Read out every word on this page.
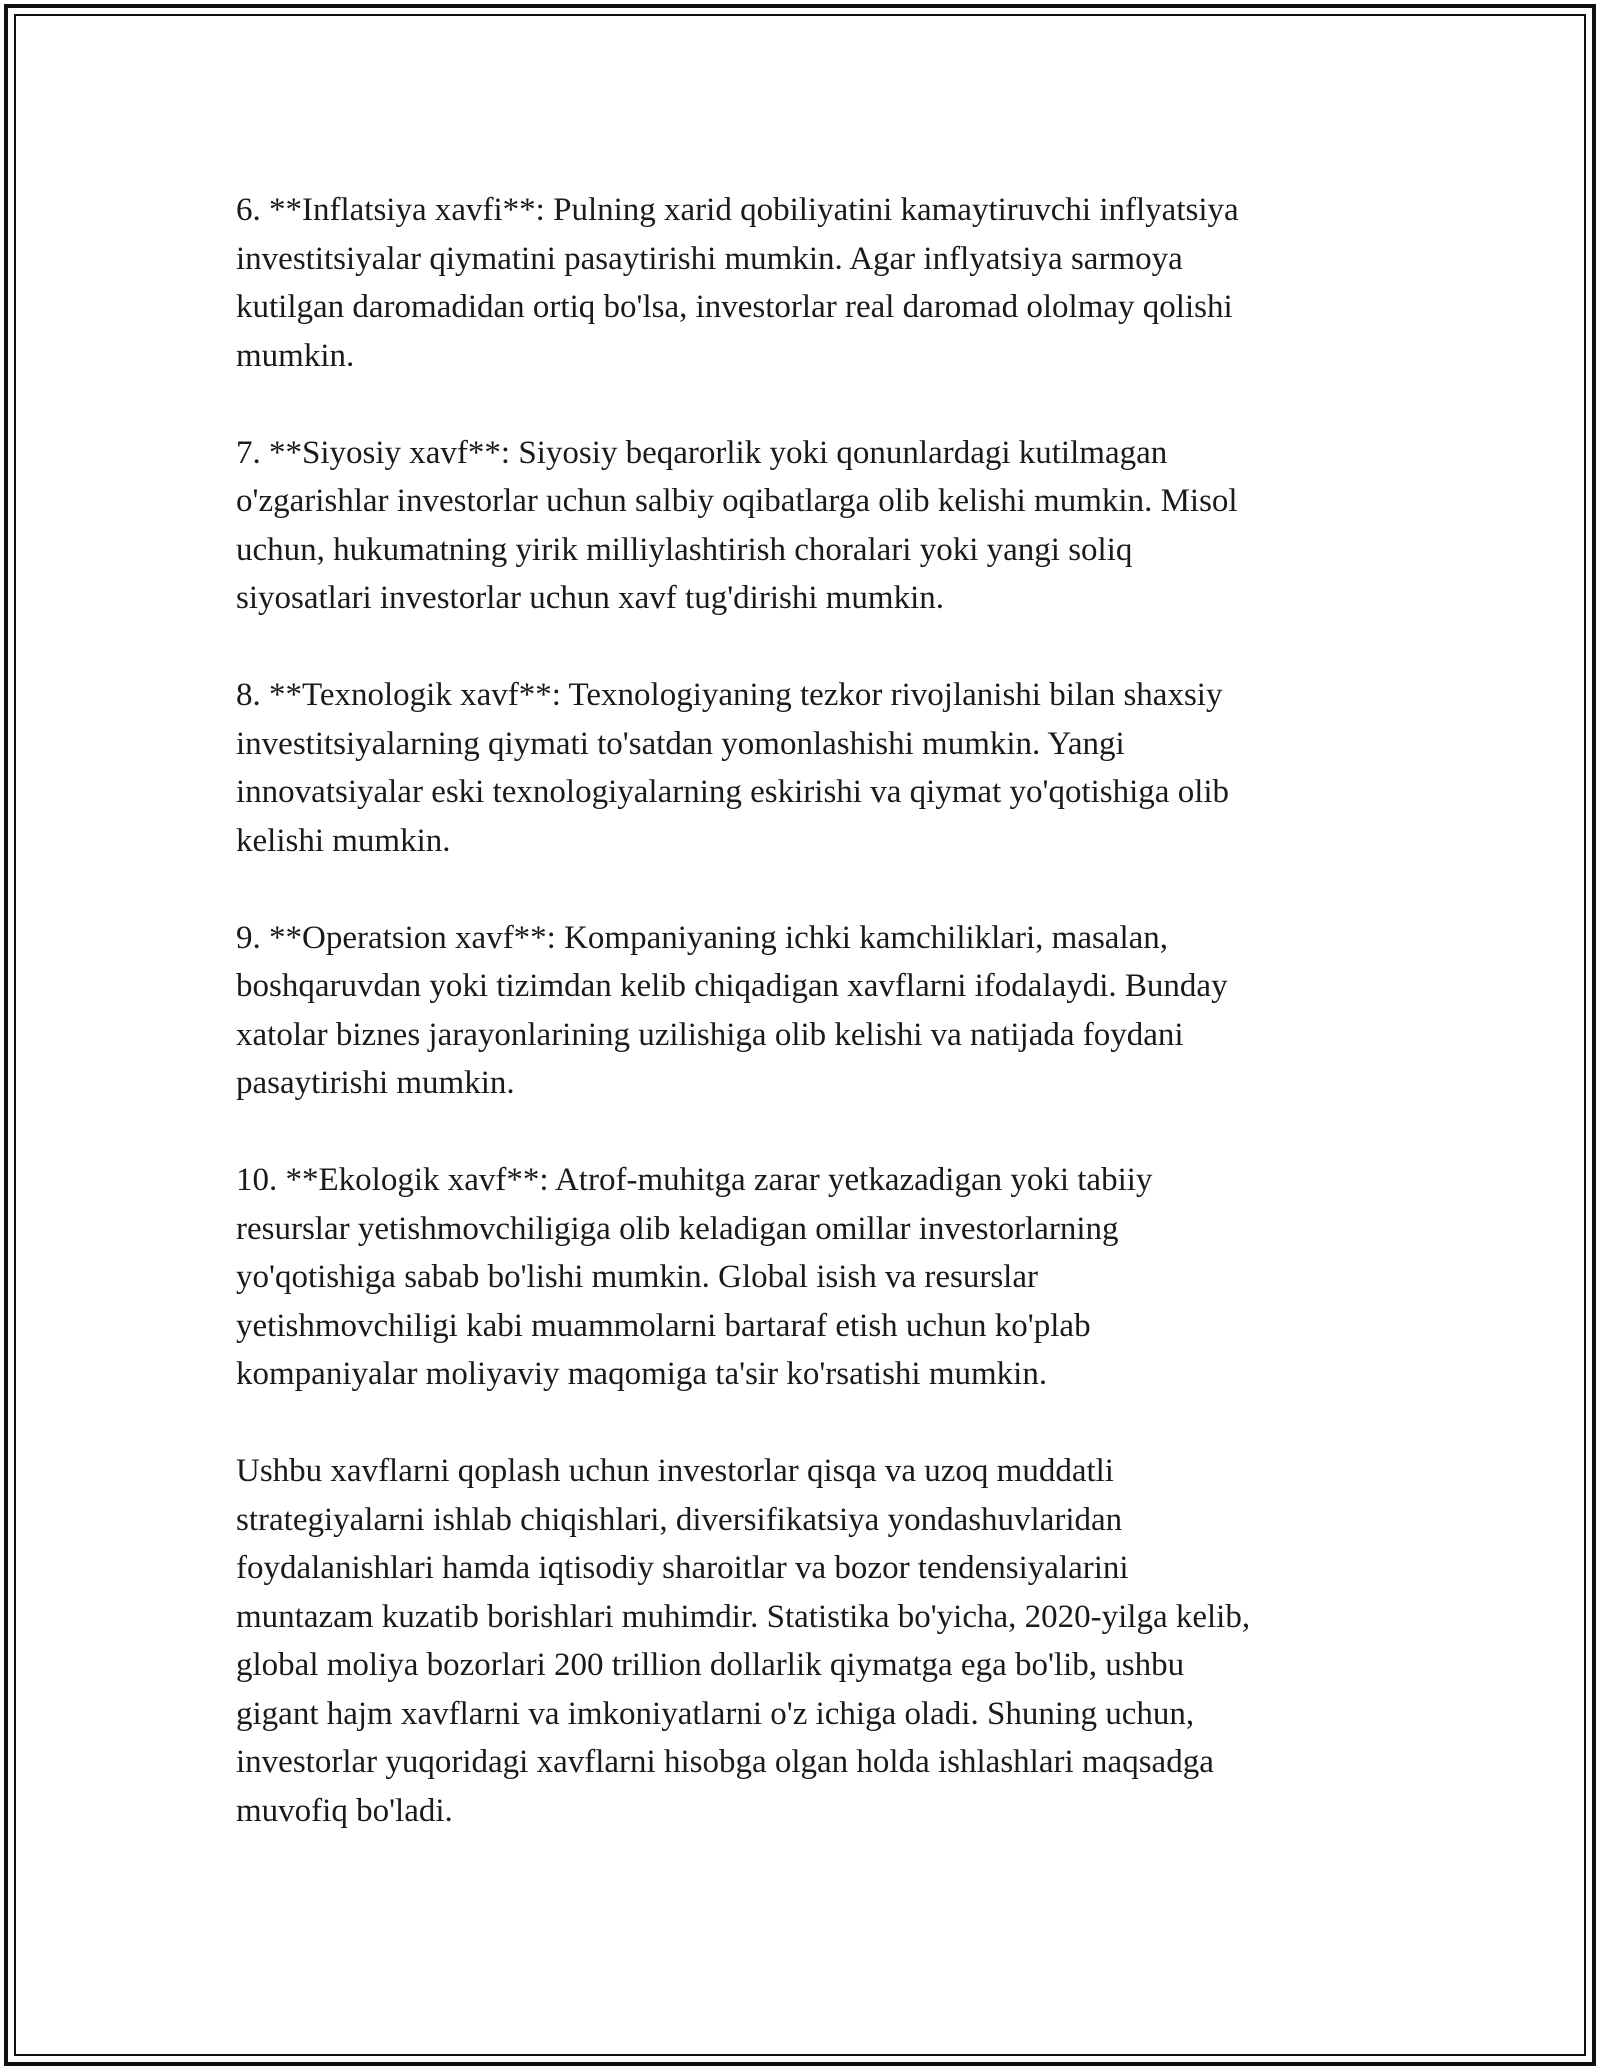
6. **Inflatsiya xavfi**: Pulning xarid qobiliyatini kamaytiruvchi inflyatsiya
investitsiyalar qiymatini pasaytirishi mumkin. Agar inflyatsiya sarmoya
kutilgan daromadidan ortiq bo'lsa, investorlar real daromad ololmay qolishi
mumkin.

7. **Siyosiy xavf**: Siyosiy beqarorlik yoki qonunlardagi kutilmagan
o'zgarishlar investorlar uchun salbiy oqibatlarga olib kelishi mumkin. Misol
uchun, hukumatning yirik milliylashtirish choralari yoki yangi soliq
siyosatlari investorlar uchun xavf tug'dirishi mumkin.

8. **Texnologik xavf**: Texnologiyaning tezkor rivojlanishi bilan shaxsiy
investitsiyalarning qiymati to'satdan yomonlashishi mumkin. Yangi
innovatsiyalar eski texnologiyalarning eskirishi va qiymat yo'qotishiga olib
kelishi mumkin.

9. **Operatsion xavf**: Kompaniyaning ichki kamchiliklari, masalan,
boshqaruvdan yoki tizimdan kelib chiqadigan xavflarni ifodalaydi. Bunday
xatolar biznes jarayonlarining uzilishiga olib kelishi va natijada foydani
pasaytirishi mumkin.

10. **Ekologik xavf**: Atrof-muhitga zarar yetkazadigan yoki tabiiy
resurslar yetishmovchiligiga olib keladigan omillar investorlarning
yo'qotishiga sabab bo'lishi mumkin. Global isish va resurslar
yetishmovchiligi kabi muammolarni bartaraf etish uchun ko'plab
kompaniyalar moliyaviy maqomiga ta'sir ko'rsatishi mumkin.

Ushbu xavflarni qoplash uchun investorlar qisqa va uzoq muddatli
strategiyalarni ishlab chiqishlari, diversifikatsiya yondashuvlaridan
foydalanishlari hamda iqtisodiy sharoitlar va bozor tendensiyalarini
muntazam kuzatib borishlari muhimdir. Statistika bo'yicha, 2020-yilga kelib,
global moliya bozorlari 200 trillion dollarlik qiymatga ega bo'lib, ushbu
gigant hajm xavflarni va imkoniyatlarni o'z ichiga oladi. Shuning uchun,
investorlar yuqoridagi xavflarni hisobga olgan holda ishlashlari maqsadga
muvofiq bo'ladi.
